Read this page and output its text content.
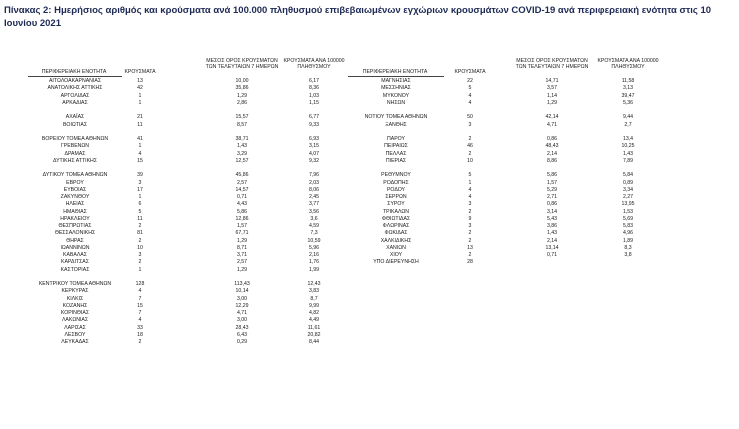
Πίνακας 2: Ημερήσιος αριθμός και κρούσματα ανά 100.000 πληθυσμού επιβεβαιωμένων εγχώριων κρουσμάτων COVID-19 ανά περιφερειακή ενότητα στις 10 Ιουνίου 2021
ΠΕΡΙΦΕΡΕΙΑΚΗ ΕΝΟΤΗΤΑ	ΚΡΟΥΣΜΑΤΑ
ΜΕΣΟΣ ΟΡΟΣ ΚΡΟΥΣΜΑΤΩΝ ΤΩΝ ΤΕΛΕΥΤΑΙΩΝ 7 ΗΜΕΡΩΝ
ΚΡΟΥΣΜΑΤΑ ΑΝΑ 100000 ΠΛΗΘΥΣΜΟΥ
ΑΙΤΩΛΟΑΚΑΡΝΑΝΙΑΣ	13	10,00	6,17
ΑΝΑΤΟΛΙΚΗΣ ΑΤΤΙΚΗΣ	42	35,86	8,36
ΑΡΓΟΛΙΔΑΣ	1	1,29	1,03
ΑΡΚΑΔΙΑΣ	1	2,86	1,15
ΑΧΑΪΑΣ	21	15,57	6,77
ΒΟΙΩΤΙΑΣ	11	8,57	9,33
ΒΟΡΕΙΟΥ ΤΟΜΕΑ ΑΘΗΝΩΝ	41	38,71	6,93
ΓΡΕΒΕΝΩΝ	1	1,43	3,15
ΔΡΑΜΑΣ	4	3,29	4,07
ΔΥΤΙΚΗΣ ΑΤΤΙΚΗΣ	15	12,57	9,32
ΔΥΤΙΚΟΥ ΤΟΜΕΑ ΑΘΗΝΩΝ	39	45,86	7,96
ΕΒΡΟΥ	3	2,57	2,03
ΕΥΒΟΙΑΣ	17	14,57	8,06
ΖΑΚΥΝΘΟΥ	1	0,71	2,45
ΗΛΕΙΑΣ	6	4,43	3,77
ΗΜΑΘΙΑΣ	5	5,86	3,56
ΗΡΑΚΛΕΙΟΥ	11	12,86	3,6
ΘΕΣΠΡΩΤΙΑΣ	2	1,57	4,59
ΘΕΣΣΑΛΟΝΙΚΗΣ	81	67,71	7,3
ΘΗΡΑΣ	2	1,29	10,59
ΙΩΑΝΝΙΝΩΝ	10	8,71	5,96
ΚΑΒΑΛΑΣ	3	3,71	2,16
ΚΑΡΔΙΤΣΑΣ	2	2,57	1,76
ΚΑΣΤΟΡΙΑΣ	1	1,29	1,99
ΚΕΝΤΡΙΚΟΥ ΤΟΜΕΑ ΑΘΗΝΩΝ	128	113,43	12,43
ΚΕΡΚΥΡΑΣ	4	10,14	3,83
ΚΙΛΚΙΣ	7	3,00	8,7
ΚΟΖΑΝΗΣ	15	12,29	9,99
ΚΟΡΙΝΘΙΑΣ	7	4,71	4,82
ΛΑΚΩΝΙΑΣ	4	3,00	4,49
ΛΑΡΙΣΑΣ	33	28,43	11,61
ΛΕΣΒΟΥ	18	6,43	20,82
ΛΕΥΚΑΔΑΣ	2	0,29	8,44
ΠΕΡΙΦΕΡΕΙΑΚΗ ΕΝΟΤΗΤΑ	ΚΡΟΥΣΜΑΤΑ
ΜΕΣΟΣ ΟΡΟΣ ΚΡΟΥΣΜΑΤΩΝ ΤΩΝ ΤΕΛΕΥΤΑΙΩΝ 7 ΗΜΕΡΩΝ
ΚΡΟΥΣΜΑΤΑ ΑΝΑ 100000 ΠΛΗΘΥΣΜΟΥ
ΜΑΓΝΗΣΙΑΣ	22	14,71	11,58
ΜΕΣΣΗΝΙΑΣ	5	3,57	3,13
ΜΥΚΟΝΟΥ	4	1,14	39,47
ΝΗΣΩΝ	4	1,29	5,36
ΝΟΤΙΟΥ ΤΟΜΕΑ ΑΘΗΝΩΝ	50	42,14	9,44
ΞΑΝΘΗΣ	3	4,71	2,7
ΠΑΡΟΥ	2	0,86	13,4
ΠΕΙΡΑΙΩΣ	46	48,43	10,25
ΠΕΛΛΑΣ	2	2,14	1,43
ΠΙΕΡΙΑΣ	10	8,86	7,89
ΡΕΘΥΜΝΟΥ	5	5,86	5,84
ΡΟΔΟΠΗΣ	1	1,57	0,89
ΡΟΔΟΥ	4	5,29	3,34
ΣΕΡΡΩΝ	4	2,71	2,27
ΣΥΡΟΥ	3	0,86	13,95
ΤΡΙΚΑΛΩΝ	2	3,14	1,53
ΦΘΙΩΤΙΔΑΣ	9	5,43	5,69
ΦΛΩΡΙΝΑΣ	3	3,86	5,83
ΦΩΚΙΔΑΣ	2	1,43	4,96
ΧΑΛΚΙΔΙΚΗΣ	2	2,14	1,89
ΧΑΝΙΩΝ	13	13,14	8,3
ΧΙΟΥ	2	0,71	3,8
ΥΠΟ ΔΙΕΡΕΥΝΗΣΗ	28
